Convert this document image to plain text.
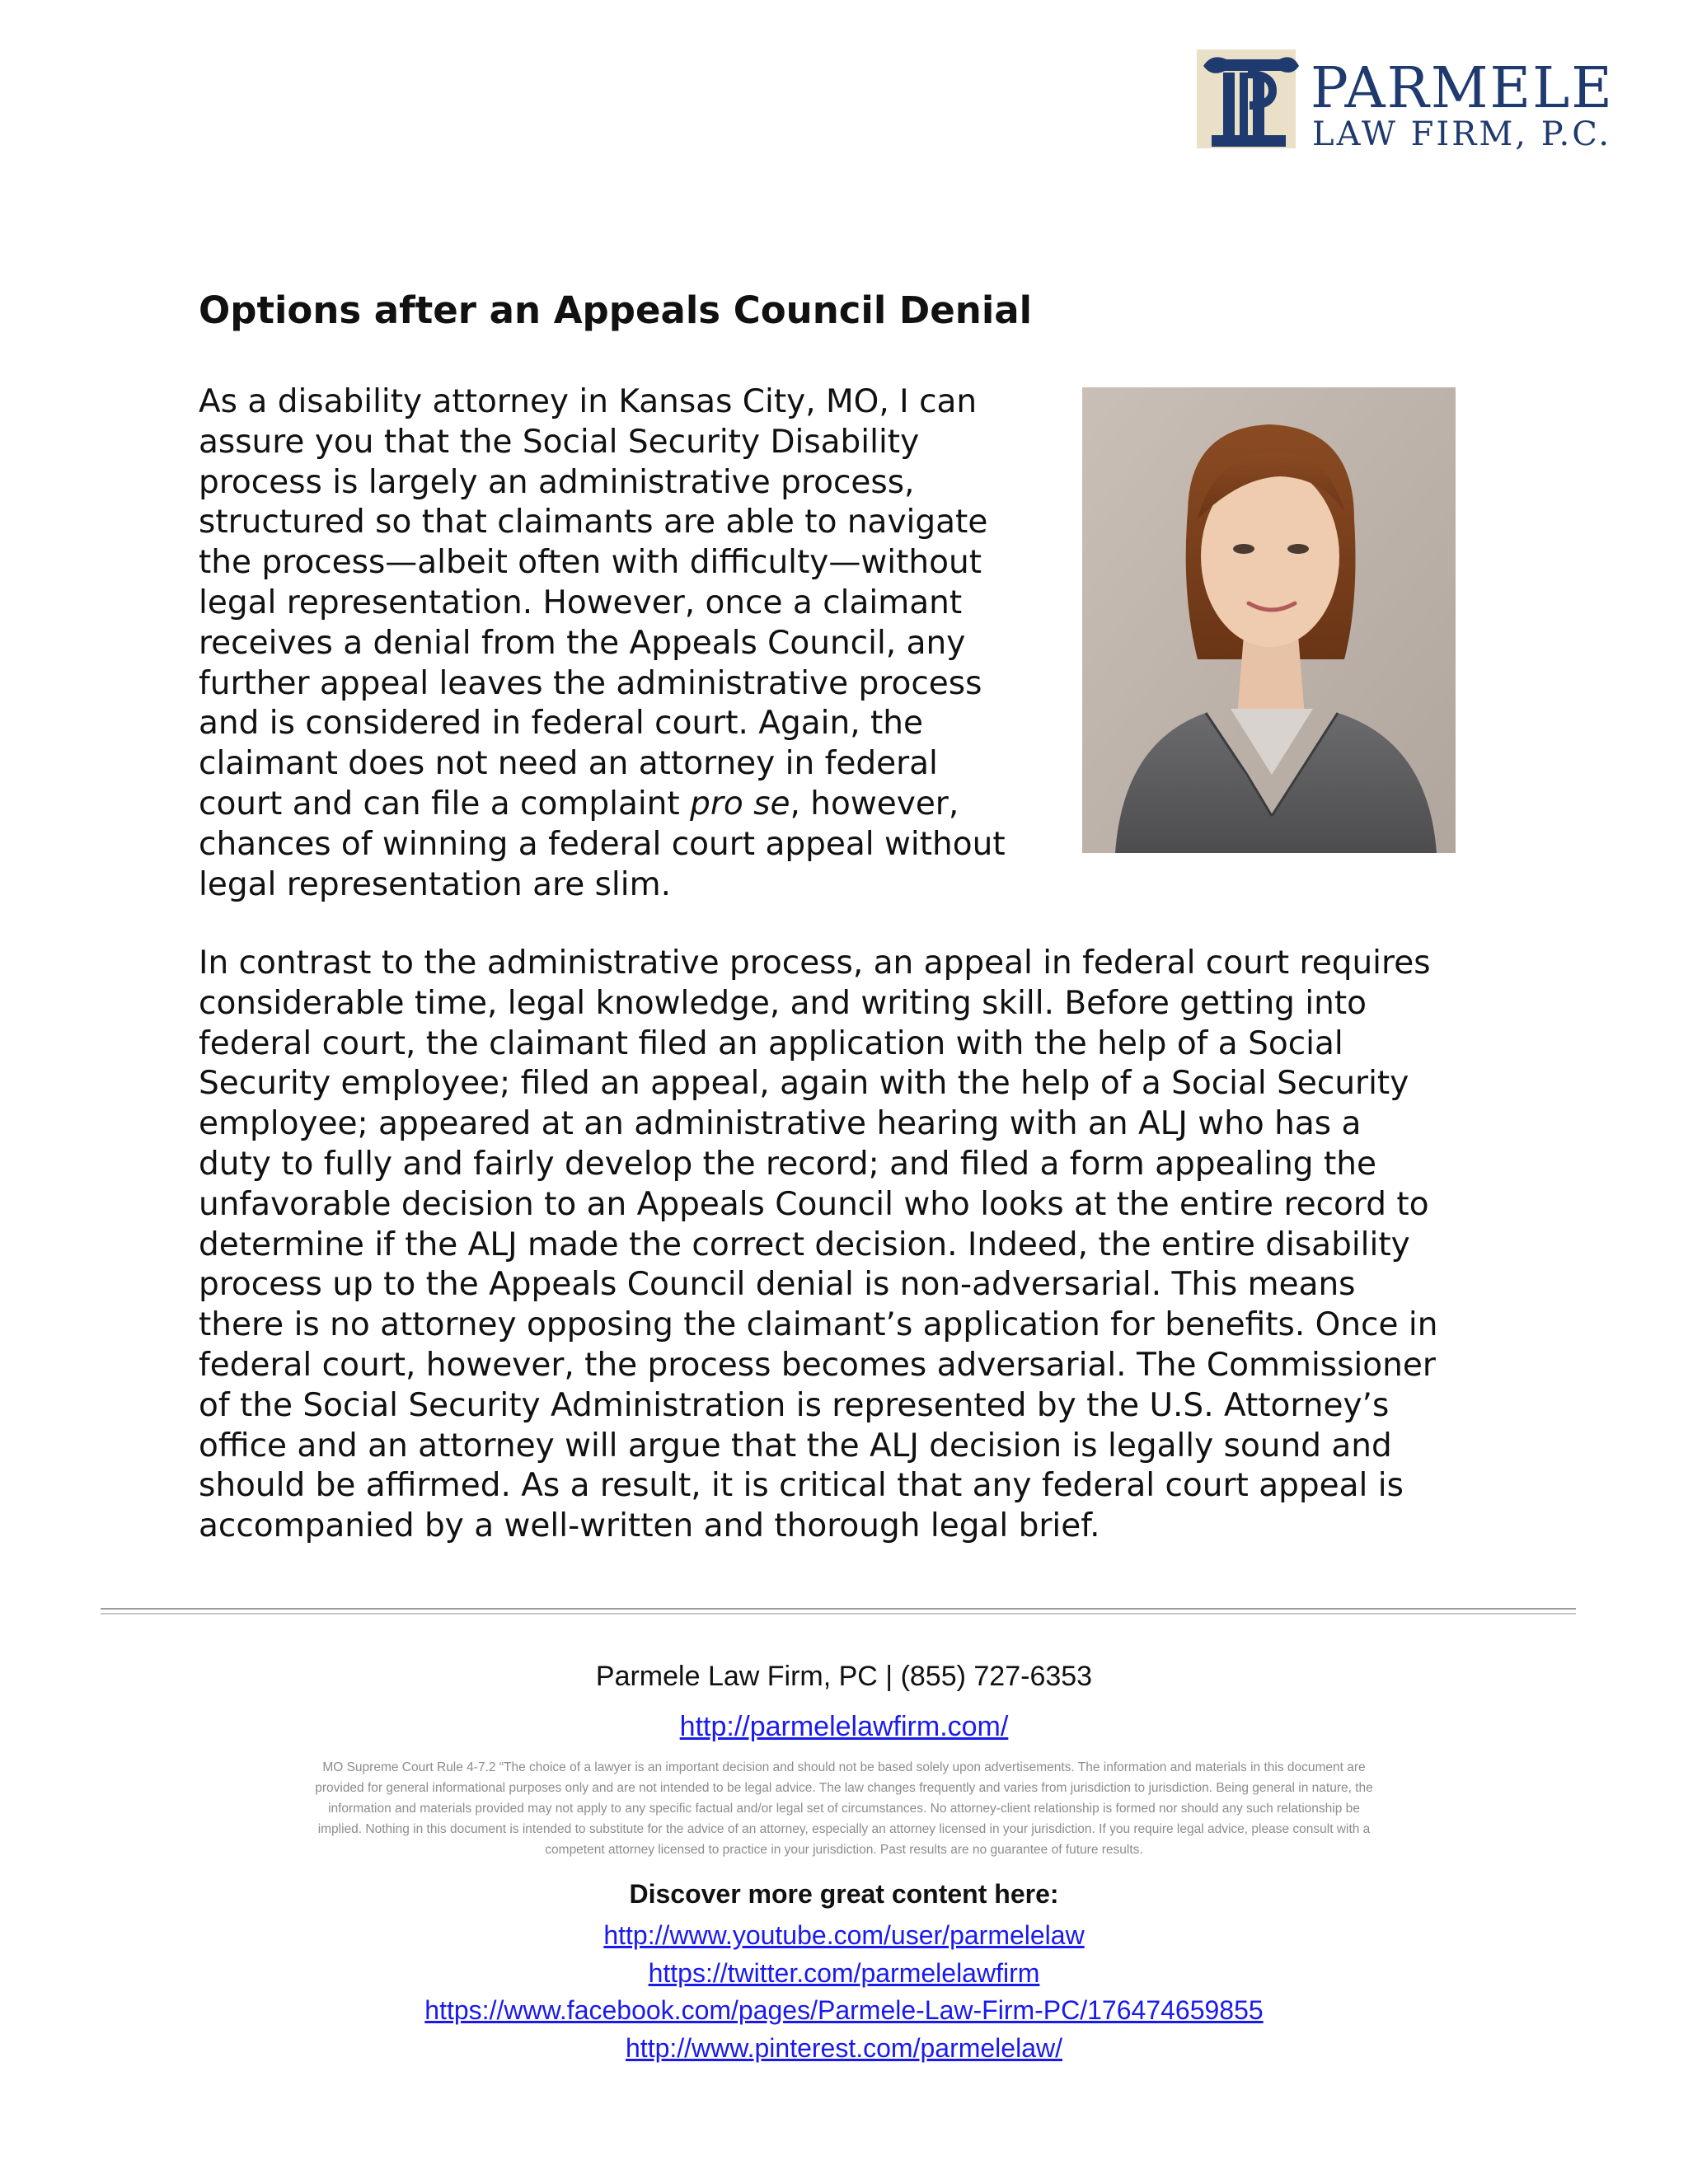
PARMELE
LAW FIRM, P.C.
Options after an Appeals Council Denial

As a disability attorney in Kansas City, MO, I can
assure you that the Social Security Disability
process is largely an administrative process,
structured so that claimants are able to navigate
the process—albeit often with difficulty—without
legal representation. However, once a claimant
receives a denial from the Appeals Council, any
further appeal leaves the administrative process
and is considered in federal court. Again, the
claimant does not need an attorney in federal
court and can file a complaint pro se, however,
chances of winning a federal court appeal without
legal representation are slim.

In contrast to the administrative process, an appeal in federal court requires
considerable time, legal knowledge, and writing skill. Before getting into
federal court, the claimant filed an application with the help of a Social
Security employee; filed an appeal, again with the help of a Social Security
employee; appeared at an administrative hearing with an ALJ who has a
duty to fully and fairly develop the record; and filed a form appealing the
unfavorable decision to an Appeals Council who looks at the entire record to
determine if the ALJ made the correct decision. Indeed, the entire disability
process up to the Appeals Council denial is non-adversarial. This means
there is no attorney opposing the claimant’s application for benefits. Once in
federal court, however, the process becomes adversarial. The Commissioner
of the Social Security Administration is represented by the U.S. Attorney’s
office and an attorney will argue that the ALJ decision is legally sound and
should be affirmed. As a result, it is critical that any federal court appeal is
accompanied by a well-written and thorough legal brief.

Parmele Law Firm, PC | (855) 727-6353
http://parmelelawfirm.com/
MO Supreme Court Rule 4-7.2 “The choice of a lawyer is an important decision and should not be based solely upon advertisements. The information and materials in this document are
provided for general informational purposes only and are not intended to be legal advice. The law changes frequently and varies from jurisdiction to jurisdiction. Being general in nature, the
information and materials provided may not apply to any specific factual and/or legal set of circumstances. No attorney-client relationship is formed nor should any such relationship be
implied. Nothing in this document is intended to substitute for the advice of an attorney, especially an attorney licensed in your jurisdiction. If you require legal advice, please consult with a
competent attorney licensed to practice in your jurisdiction. Past results are no guarantee of future results.
Discover more great content here:
http://www.youtube.com/user/parmelelaw
https://twitter.com/parmelelawfirm
https://www.facebook.com/pages/Parmele-Law-Firm-PC/176474659855
http://www.pinterest.com/parmelelaw/
